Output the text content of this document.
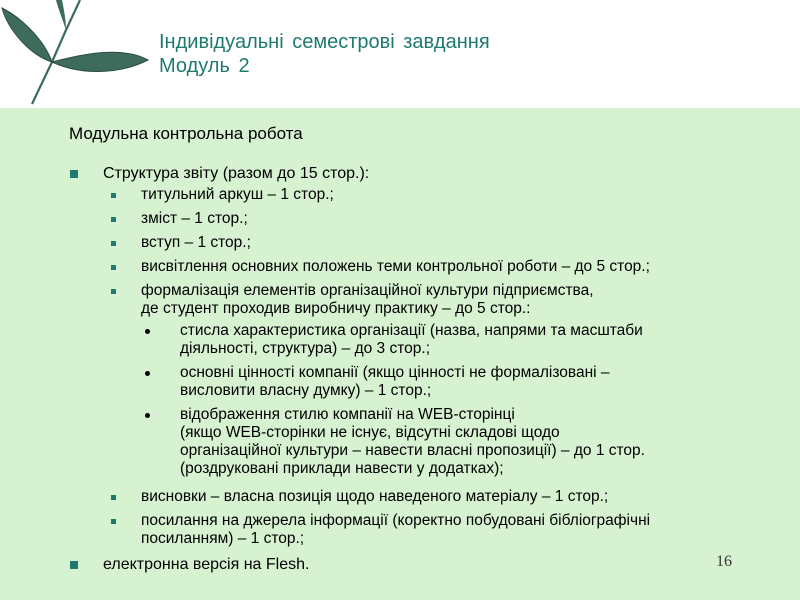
Індивідуальні семестрові завдання
Модуль 2
Модульна контрольна робота
Структура звіту (разом до 15 стор.):
титульний аркуш – 1 стор.;
зміст – 1 стор.;
вступ – 1 стор.;
висвітлення основних положень теми контрольної роботи – до 5 стор.;
формалізація елементів організаційної культури підприємства,
де студент проходив виробничу практику – до 5 стор.:
стисла характеристика організації (назва, напрями та масштаби
діяльності, структура) – до 3 стор.;
основні цінності компанії (якщо цінності не формалізовані –
висловити власну думку) – 1 стор.;
відображення стилю компанії на WEB-сторінці
(якщо WEB-сторінки не існує, відсутні складові щодо
організаційної культури – навести власні пропозиції) – до 1 стор.
(роздруковані приклади навести у додатках);
висновки – власна позиція щодо наведеного матеріалу – 1 стор.;
посилання на джерела інформації (коректно побудовані бібліографічні
посиланням) – 1 стор.;
електронна версія на Flesh.	16
